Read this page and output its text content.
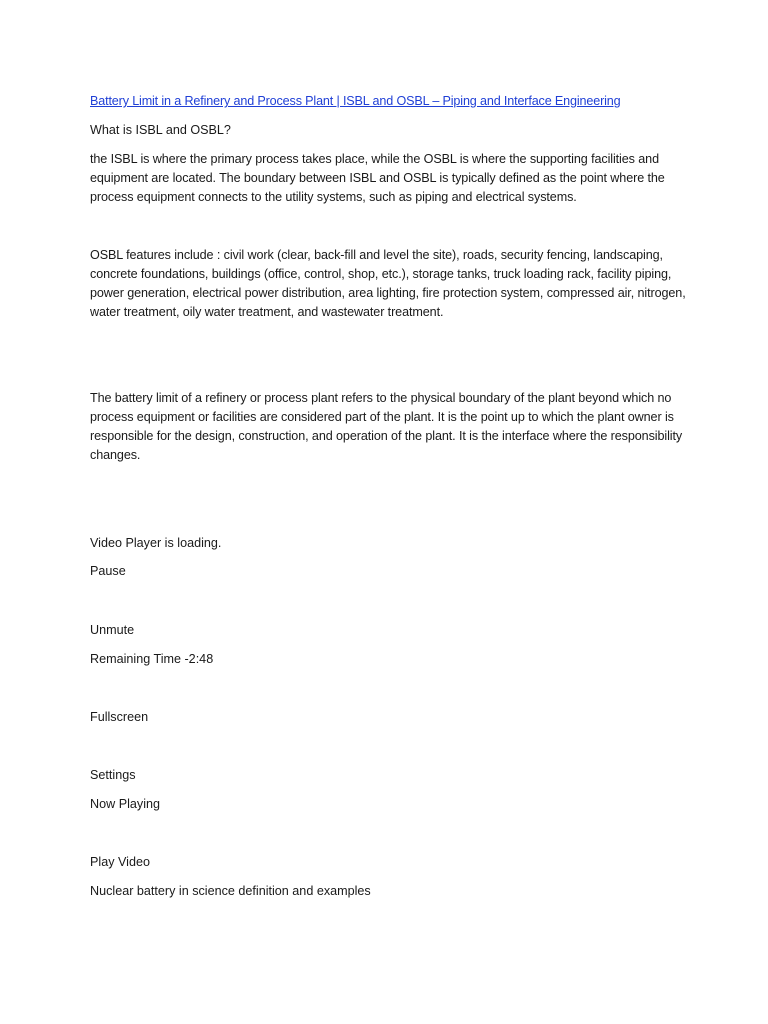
Battery Limit in a Refinery and Process Plant | ISBL and OSBL – Piping and Interface Engineering

What is ISBL and OSBL?

the ISBL is where the primary process takes place, while the OSBL is where the supporting facilities and equipment are located. The boundary between ISBL and OSBL is typically defined as the point where the process equipment connects to the utility systems, such as piping and electrical systems.

OSBL features include : civil work (clear, back-fill and level the site), roads, security fencing, landscaping, concrete foundations, buildings (office, control, shop, etc.), storage tanks, truck loading rack, facility piping, power generation, electrical power distribution, area lighting, fire protection system, compressed air, nitrogen, water treatment, oily water treatment, and wastewater treatment.

The battery limit of a refinery or process plant refers to the physical boundary of the plant beyond which no process equipment or facilities are considered part of the plant. It is the point up to which the plant owner is responsible for the design, construction, and operation of the plant. It is the interface where the responsibility changes.

Video Player is loading.

Pause

Unmute

Remaining Time -2:48

Fullscreen

Settings

Now Playing

Play Video

Nuclear battery in science definition and examples
